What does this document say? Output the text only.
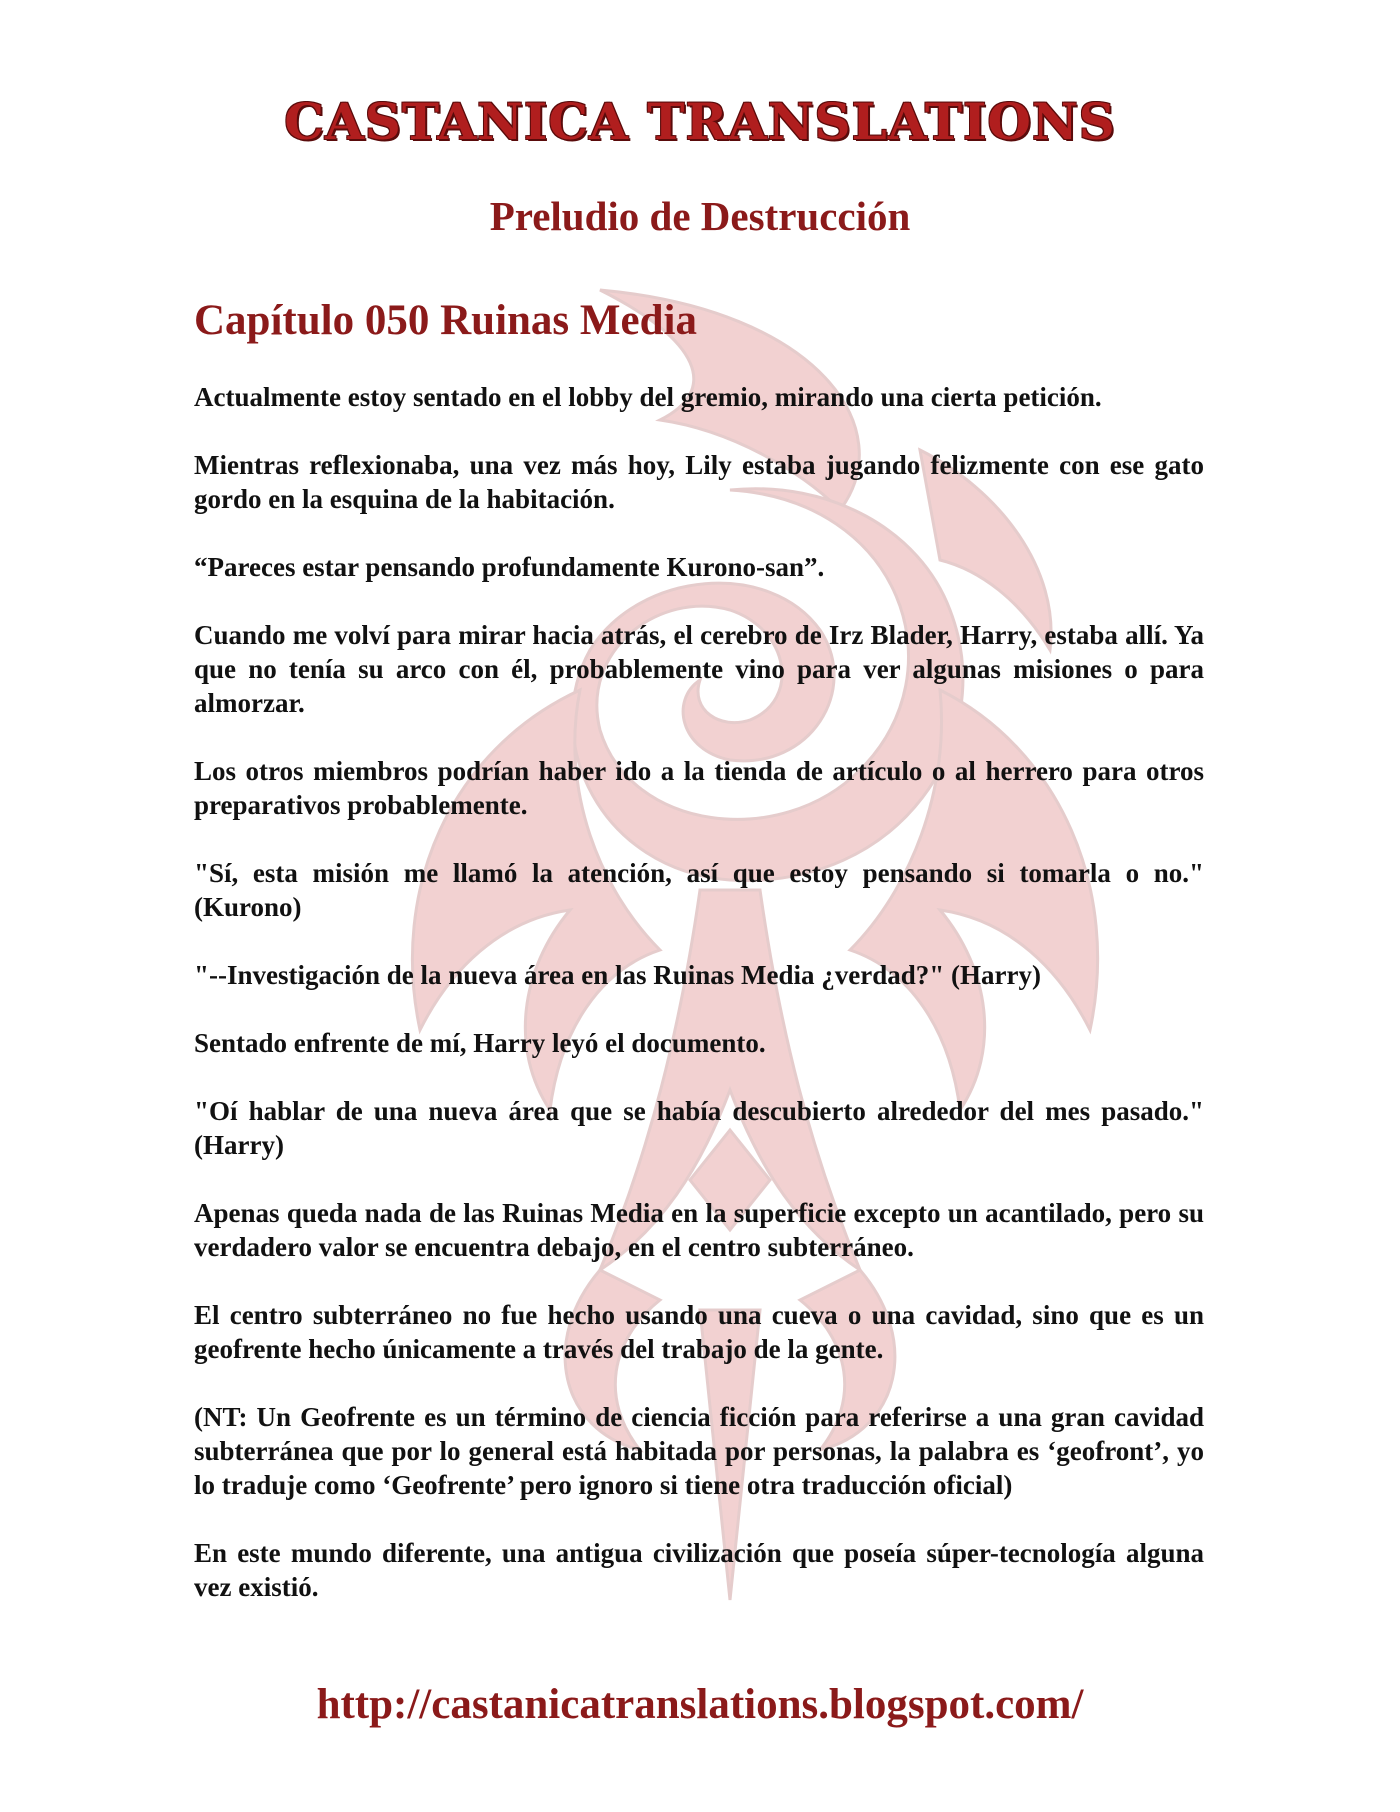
CASTANICA TRANSLATIONS
Preludio de Destrucción
Capítulo 050 Ruinas Media

Actualmente estoy sentado en el lobby del gremio, mirando una cierta petición.

Mientras reflexionaba, una vez más hoy, Lily estaba jugando felizmente con ese gato gordo en la esquina de la habitación.

“Pareces estar pensando profundamente Kurono-san”.

Cuando me volví para mirar hacia atrás, el cerebro de Irz Blader, Harry, estaba allí. Ya que no tenía su arco con él, probablemente vino para ver algunas misiones o para almorzar.

Los otros miembros podrían haber ido a la tienda de artículo o al herrero para otros preparativos probablemente.

"Sí, esta misión me llamó la atención, así que estoy pensando si tomarla o no." (Kurono)

"--Investigación de la nueva área en las Ruinas Media ¿verdad?" (Harry)

Sentado enfrente de mí, Harry leyó el documento.

"Oí hablar de una nueva área que se había descubierto alrededor del mes pasado." (Harry)

Apenas queda nada de las Ruinas Media en la superficie excepto un acantilado, pero su verdadero valor se encuentra debajo, en el centro subterráneo.

El centro subterráneo no fue hecho usando una cueva o una cavidad, sino que es un geofrente hecho únicamente a través del trabajo de la gente.

(NT: Un Geofrente es un término de ciencia ficción para referirse a una gran cavidad subterránea que por lo general está habitada por personas, la palabra es ‘geofront’, yo lo traduje como ‘Geofrente’ pero ignoro si tiene otra traducción oficial)

En este mundo diferente, una antigua civilización que poseía súper-tecnología alguna vez existió.

http://castanicatranslations.blogspot.com/
